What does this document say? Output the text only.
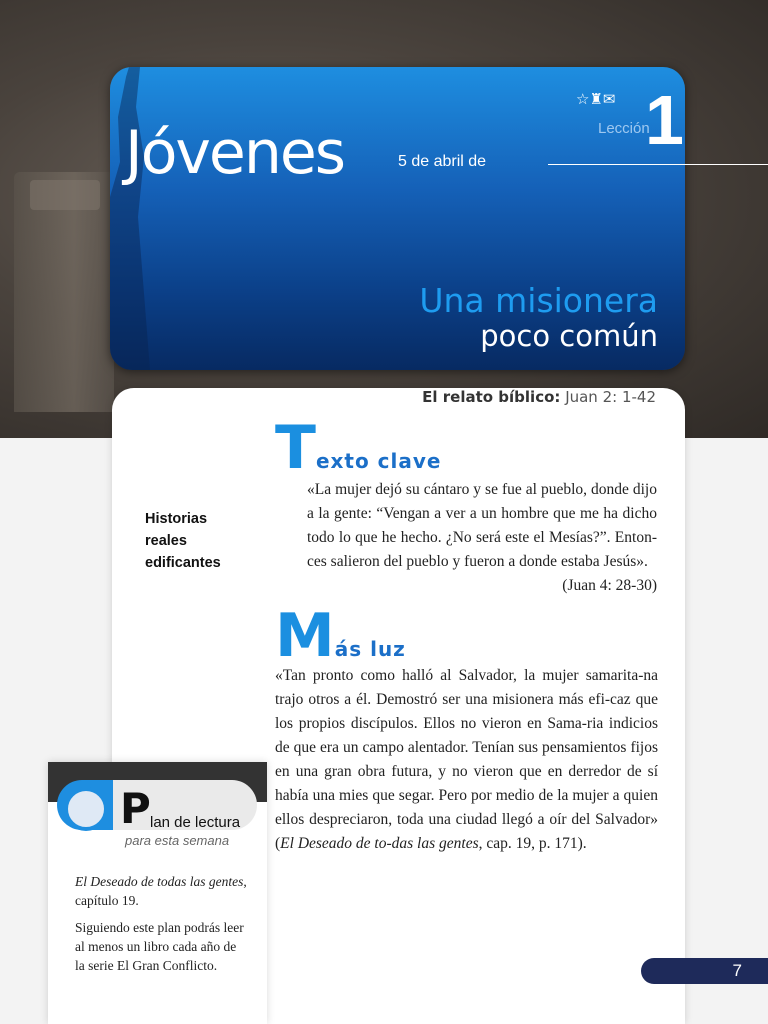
Jóvenes	5 de abril de
☆♜✉
Lección
1
Una misionera
poco común
El relato bíblico: Juan 2: 1-42
Historias
reales
edificantes
Texto clave
«La mujer dejó su cántaro y se fue al pueblo, donde dijo a la gente: “Vengan a ver a un hombre que me ha dicho todo lo que he hecho. ¿No será este el Mesías?”. Enton-ces salieron del pueblo y fueron a donde estaba Jesús».
(Juan 4: 28-30)
Más luz
«Tan pronto como halló al Salvador, la mujer samarita-na trajo otros a él. Demostró ser una misionera más efi-caz que los propios discípulos. Ellos no vieron en Sama-ria indicios de que era un campo alentador. Tenían sus pensamientos fijos en una gran obra futura, y no vieron que en derredor de sí había una mies que segar. Pero por medio de la mujer a quien ellos despreciaron, toda una ciudad llegó a oír del Salvador» (El Deseado de to-das las gentes, cap. 19, p. 171).
P lan de lectura
para esta semana
El Deseado de todas las gentes, capítulo 19.
Siguiendo este plan podrás leer al menos un libro cada año de la serie El Gran Conflicto.	7
